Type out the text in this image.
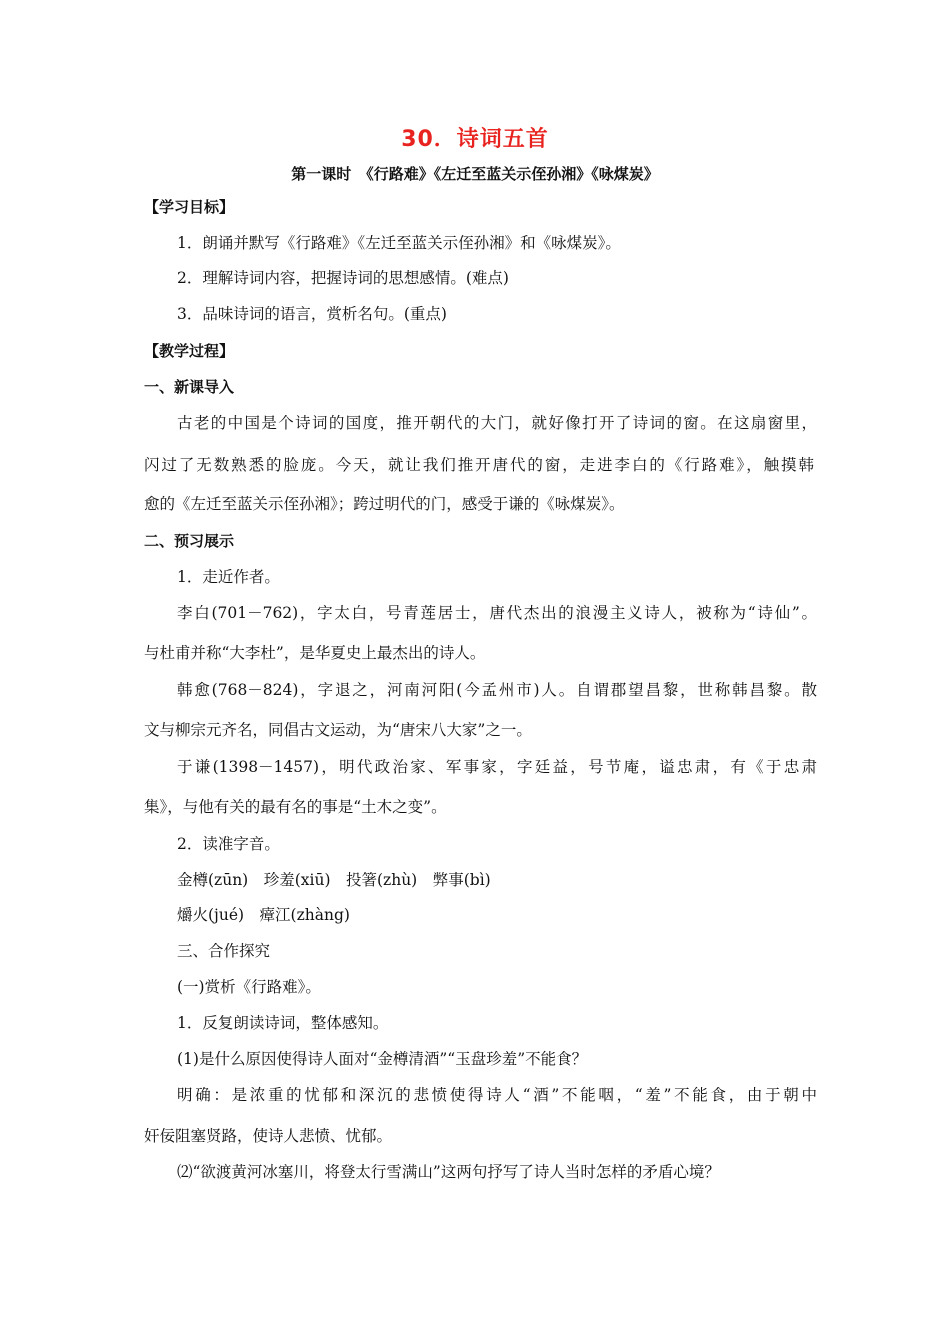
30．诗词五首
第一课时　《行路难》《左迁至蓝关示侄孙湘》《咏煤炭》
【学习目标】
1．朗诵并默写《行路难》《左迁至蓝关示侄孙湘》和《咏煤炭》。
2．理解诗词内容，把握诗词的思想感情。(难点)
3．品味诗词的语言，赏析名句。(重点)
【教学过程】
一、新课导入
古老的中国是个诗词的国度，推开朝代的大门，就好像打开了诗词的窗。在这扇窗里，
闪过了无数熟悉的脸庞。今天，就让我们推开唐代的窗，走进李白的《行路难》，触摸韩
愈的《左迁至蓝关示侄孙湘》；跨过明代的门，感受于谦的《咏煤炭》。
二、预习展示
1．走近作者。
李白(701－762)，字太白，号青莲居士，唐代杰出的浪漫主义诗人，被称为“诗仙”。
与杜甫并称“大李杜”，是华夏史上最杰出的诗人。
韩愈(768－824)，字退之，河南河阳(今孟州市)人。自谓郡望昌黎，世称韩昌黎。散
文与柳宗元齐名，同倡古文运动，为“唐宋八大家”之一。
于谦(1398－1457)，明代政治家、军事家，字廷益，号节庵，谥忠肃，有《于忠肃
集》，与他有关的最有名的事是“土木之变”。
2．读准字音。
金樽(zūn)　珍羞(xiū)　投箸(zhù)　弊事(bì)
爝火(jué)　瘴江(zhàng)
三、合作探究
(一)赏析《行路难》。
1．反复朗读诗词，整体感知。
(1)是什么原因使得诗人面对“金樽清酒”“玉盘珍羞”不能食？
明确：是浓重的忧郁和深沉的悲愤使得诗人“酒”不能咽，“羞”不能食，由于朝中
奸佞阻塞贤路，使诗人悲愤、忧郁。
⑵“欲渡黄河冰塞川，将登太行雪满山”这两句抒写了诗人当时怎样的矛盾心境？
